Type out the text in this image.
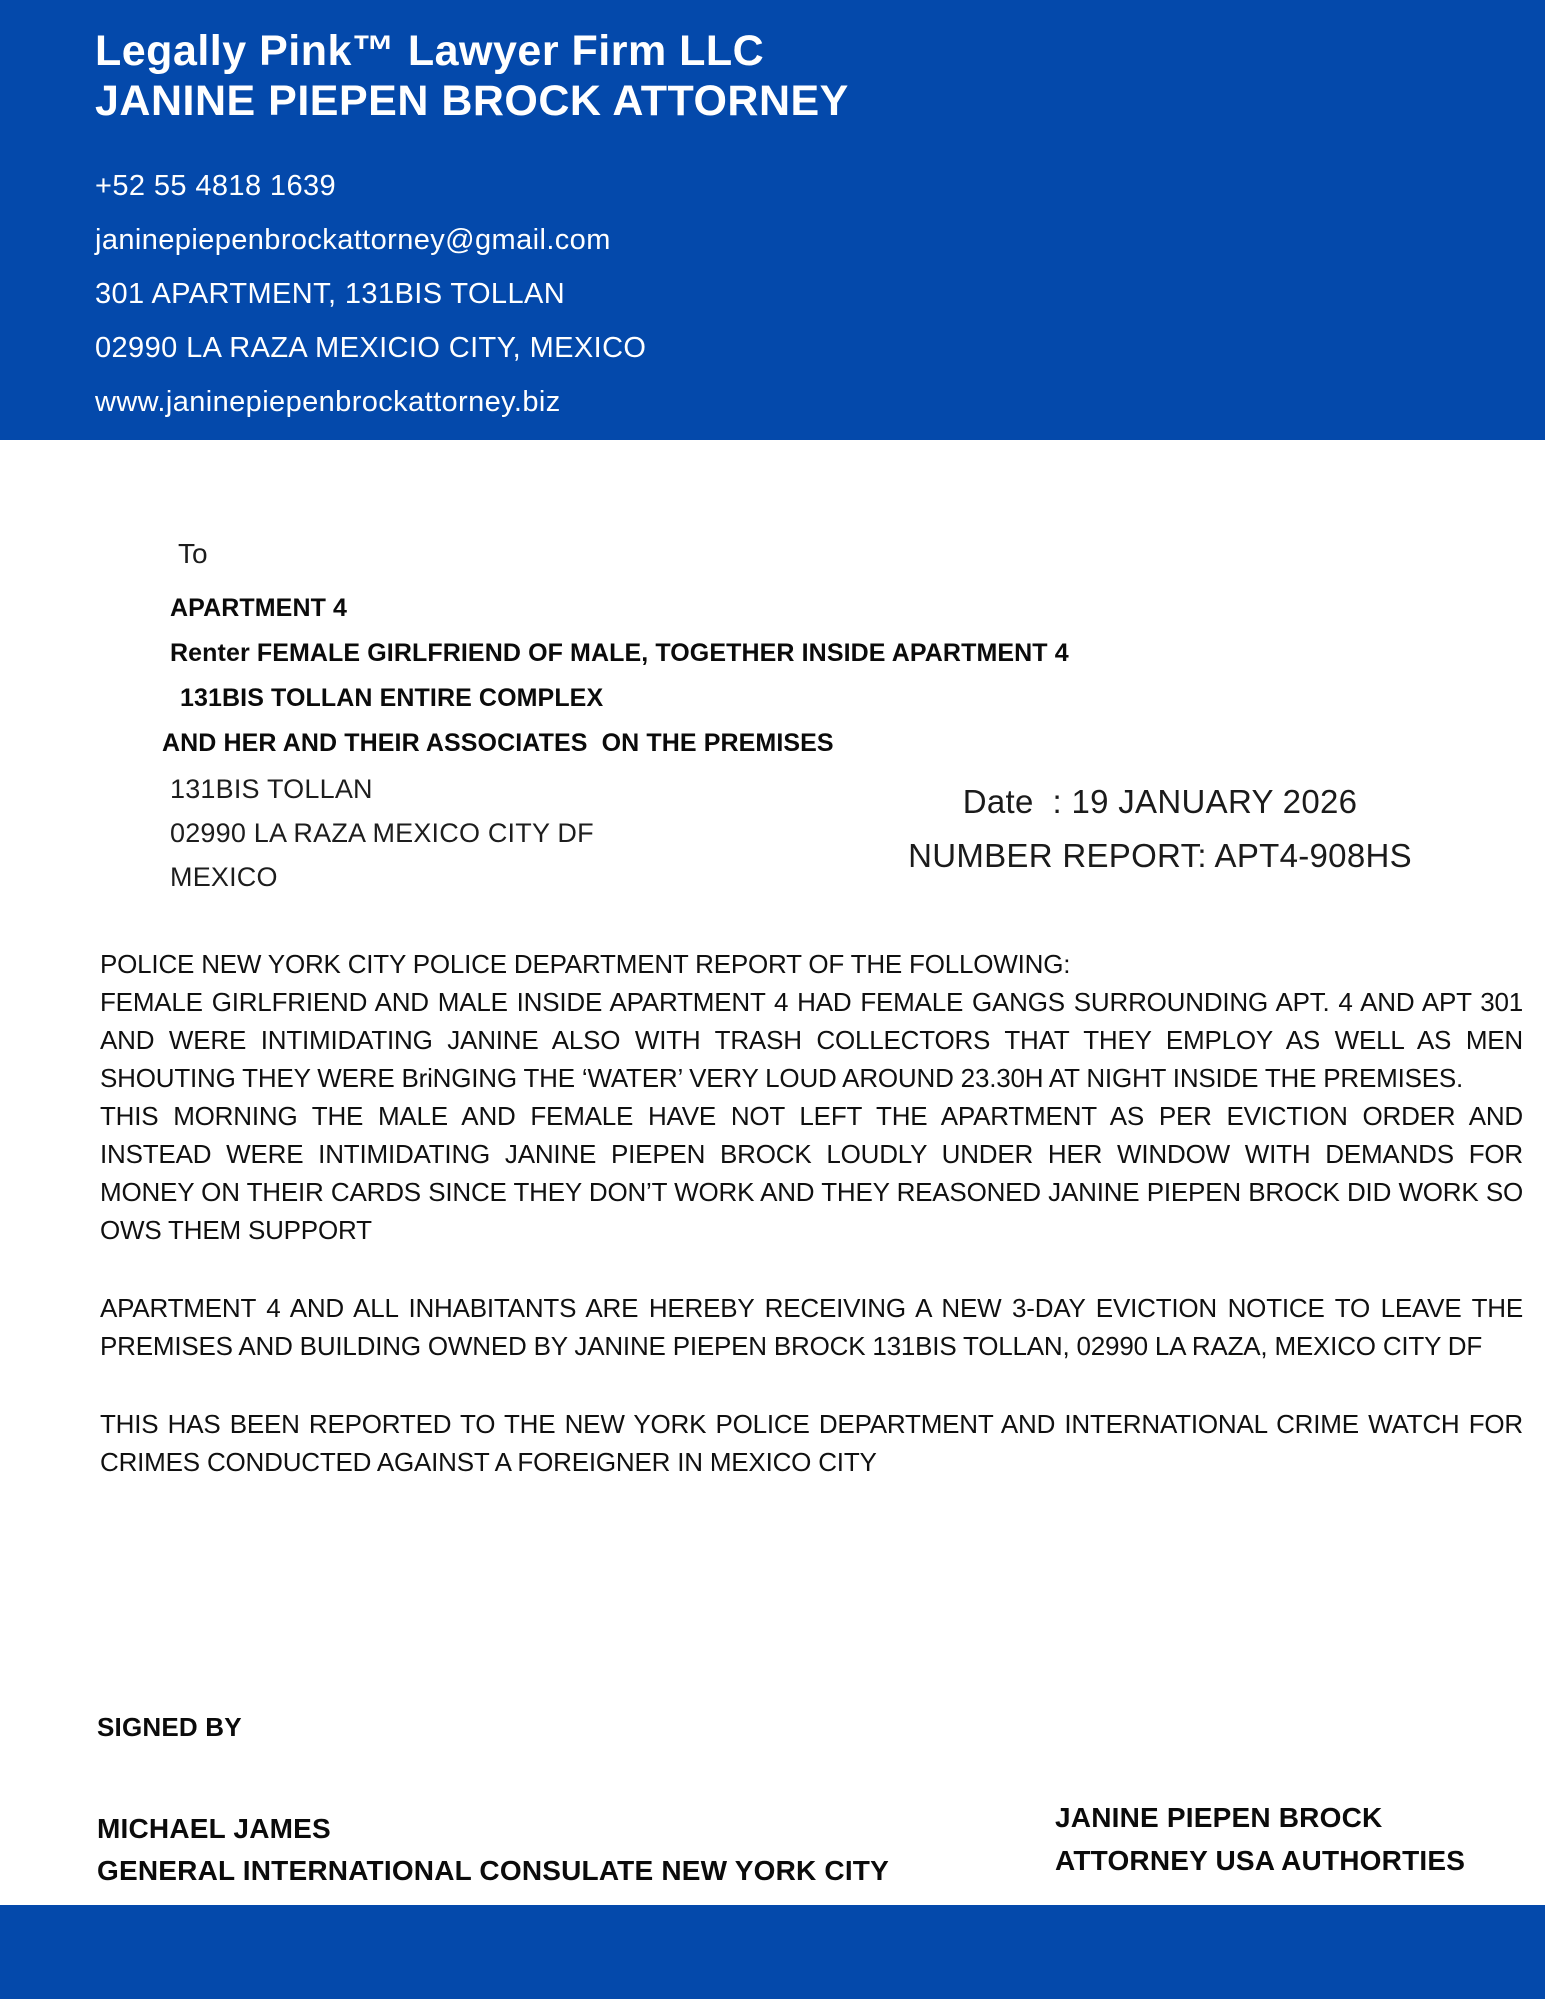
Legally Pink™ Lawyer Firm LLC
JANINE PIEPEN BROCK ATTORNEY
+52 55 4818 1639
janinepiepenbrockattorney@gmail.com
301 APARTMENT, 131BIS TOLLAN
02990 LA RAZA MEXICIO CITY, MEXICO
www.janinepiepenbrockattorney.biz
To
APARTMENT 4
Renter FEMALE GIRLFRIEND OF MALE, TOGETHER INSIDE APARTMENT 4
131BIS TOLLAN ENTIRE COMPLEX
AND HER AND THEIR ASSOCIATES  ON THE PREMISES
131BIS TOLLAN
02990 LA RAZA MEXICO CITY DF
MEXICO
Date  : 19 JANUARY 2026
NUMBER REPORT: APT4-908HS

POLICE NEW YORK CITY POLICE DEPARTMENT REPORT OF THE FOLLOWING:

FEMALE GIRLFRIEND AND MALE INSIDE APARTMENT 4 HAD FEMALE GANGS SURROUNDING APT. 4 AND APT 301 AND WERE INTIMIDATING JANINE ALSO WITH TRASH COLLECTORS THAT THEY EMPLOY AS WELL AS MEN SHOUTING THEY WERE BriNGING THE ‘WATER’ VERY LOUD AROUND 23.30H AT NIGHT INSIDE THE PREMISES.

THIS MORNING THE MALE AND FEMALE HAVE NOT LEFT THE APARTMENT AS PER EVICTION ORDER AND INSTEAD WERE INTIMIDATING JANINE PIEPEN BROCK LOUDLY UNDER HER WINDOW WITH DEMANDS FOR MONEY ON THEIR CARDS SINCE THEY DON’T WORK AND THEY REASONED JANINE PIEPEN BROCK DID WORK SO OWS THEM SUPPORT

APARTMENT 4 AND ALL INHABITANTS ARE HEREBY RECEIVING A NEW 3-DAY EVICTION NOTICE TO LEAVE THE PREMISES AND BUILDING OWNED BY JANINE PIEPEN BROCK 131BIS TOLLAN, 02990 LA RAZA, MEXICO CITY DF

THIS HAS BEEN REPORTED TO THE NEW YORK POLICE DEPARTMENT AND INTERNATIONAL CRIME WATCH FOR CRIMES CONDUCTED AGAINST A FOREIGNER IN MEXICO CITY

SIGNED BY
MICHAEL JAMES
GENERAL INTERNATIONAL CONSULATE NEW YORK CITY
JANINE PIEPEN BROCK
ATTORNEY USA AUTHORTIES
